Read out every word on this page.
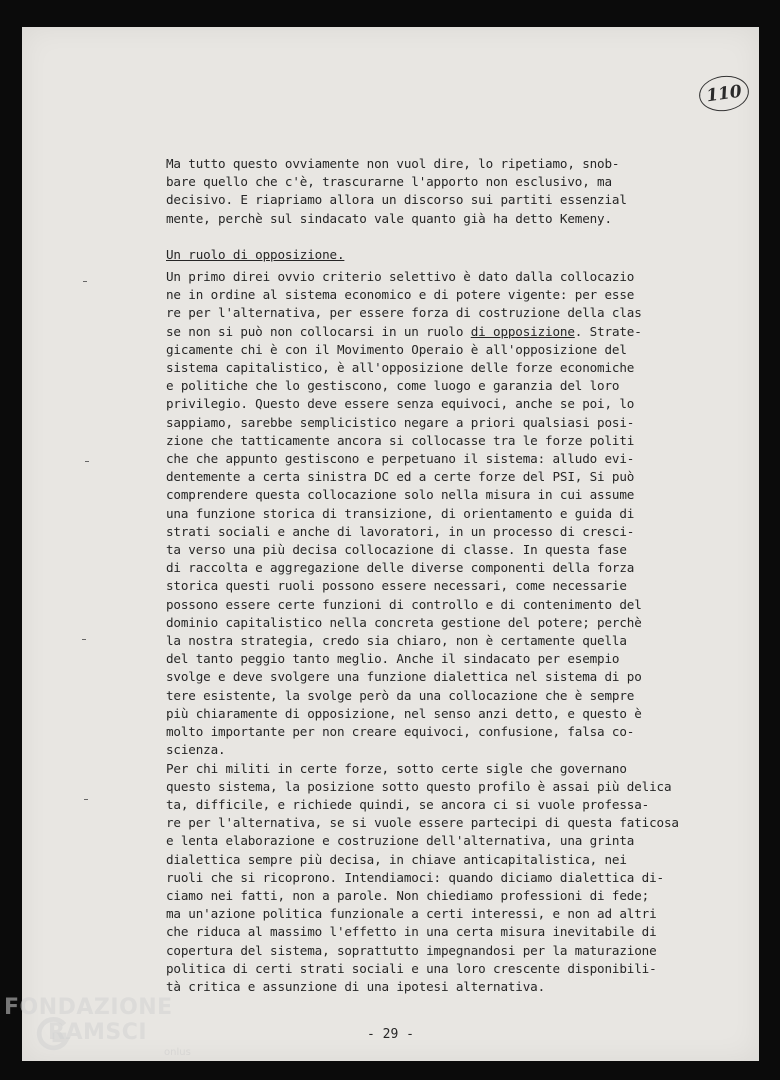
110
Ma tutto questo ovviamente non vuol dire, lo ripetiamo, snob-
bare quello che c'è, trascurarne l'apporto non esclusivo, ma
decisivo. E riapriamo allora un discorso sui partiti essenzial
mente, perchè sul sindacato vale quanto già ha detto Kemeny.
Un ruolo di opposizione.
Un primo direi ovvio criterio selettivo è dato dalla collocazio
ne in ordine al sistema economico e di potere vigente: per esse
re per l'alternativa, per essere forza di costruzione della clas
se non si può non collocarsi in un ruolo di opposizione. Strate-
gicamente chi è con il Movimento Operaio è all'opposizione del
sistema capitalistico, è all'opposizione delle forze economiche
e politiche che lo gestiscono, come luogo e garanzia del loro
privilegio. Questo deve essere senza equivoci, anche se poi, lo
sappiamo, sarebbe semplicistico negare a priori qualsiasi posi-
zione che tatticamente ancora si collocasse tra le forze politi
che che appunto gestiscono e perpetuano il sistema: alludo evi-
dentemente a certa sinistra DC ed a certe forze del PSI, Si può
comprendere questa collocazione solo nella misura in cui assume
una funzione storica di transizione, di orientamento e guida di
strati sociali e anche di lavoratori, in un processo di cresci-
ta verso una più decisa collocazione di classe. In questa fase
di raccolta e aggregazione delle diverse componenti della forza
storica questi ruoli possono essere necessari, come necessarie
possono essere certe funzioni di controllo e di contenimento del
dominio capitalistico nella concreta gestione del potere; perchè
la nostra strategia, credo sia chiaro, non è certamente quella
del tanto peggio tanto meglio. Anche il sindacato per esempio
svolge e deve svolgere una funzione dialettica nel sistema di po
tere esistente, la svolge però da una collocazione che è sempre
più chiaramente di opposizione, nel senso anzi detto, e questo è
molto importante per non creare equivoci, confusione, falsa co-
scienza.
Per chi militi in certe forze, sotto certe sigle che governano
questo sistema, la posizione sotto questo profilo è assai più delica
ta, difficile, e richiede quindi, se ancora ci si vuole professa-
re per l'alternativa, se si vuole essere partecipi di questa faticosa
e lenta elaborazione e costruzione dell'alternativa, una grinta
dialettica sempre più decisa, in chiave anticapitalistica, nei
ruoli che si ricoprono. Intendiamoci: quando diciamo dialettica di-
ciamo nei fatti, non a parole. Non chiediamo professioni di fede;
ma un'azione politica funzionale a certi interessi, e non ad altri
che riduca al massimo l'effetto in una certa misura inevitabile di
copertura del sistema, soprattutto impegnandosi per la maturazione
politica di certi strati sociali e una loro crescente disponibili-
tà critica e assunzione di una ipotesi alternativa.
- 29 -
FONDAZIONE
RAMSCI
onlus
